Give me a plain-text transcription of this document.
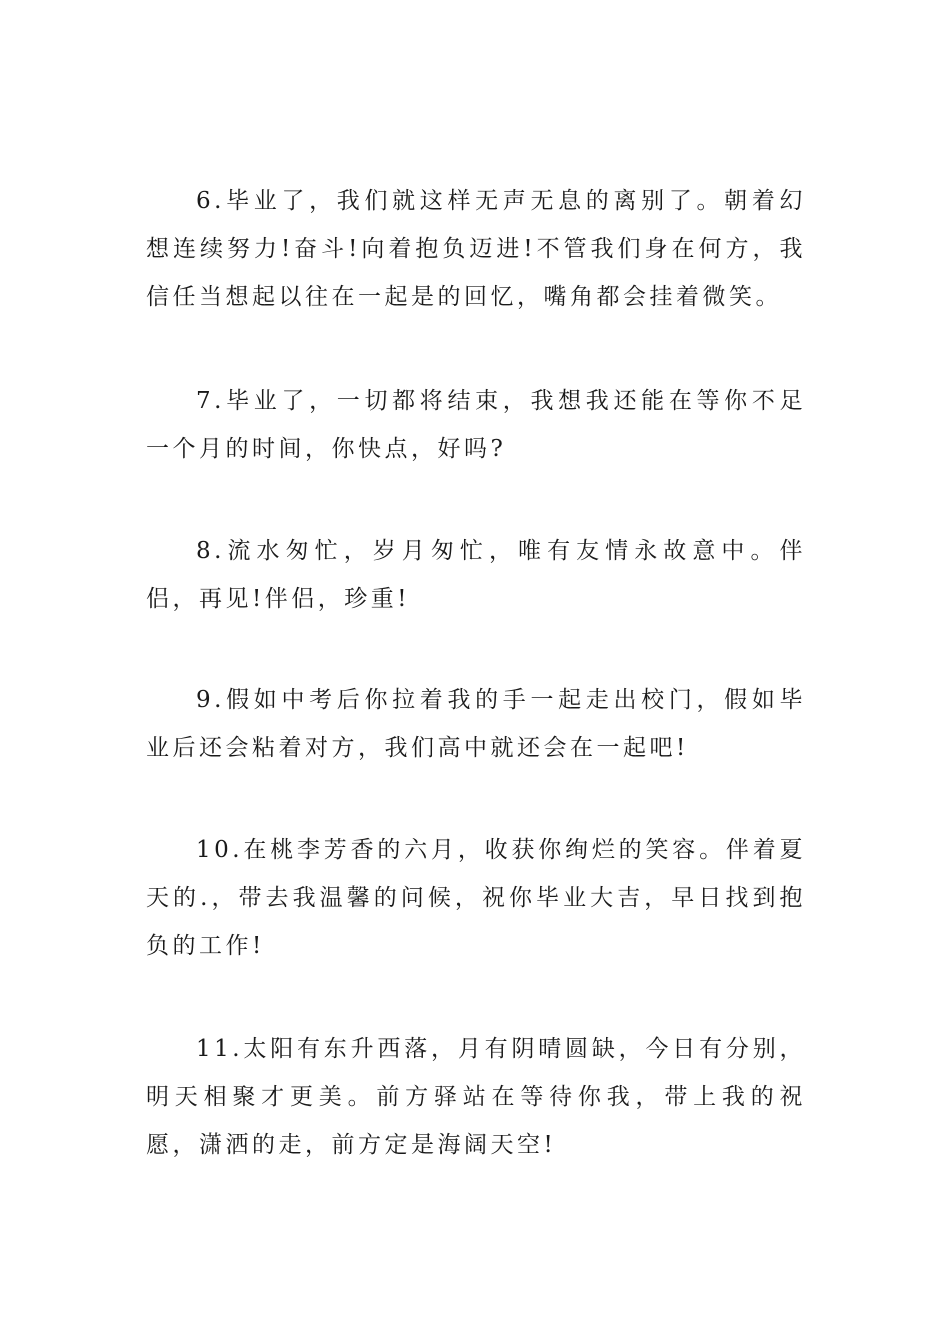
6.毕业了，我们就这样无声无息的离别了。朝着幻想连续努力!奋斗!向着抱负迈进!不管我们身在何方，我信任当想起以往在一起是的回忆，嘴角都会挂着微笑。

7.毕业了，一切都将结束，我想我还能在等你不足一个月的时间，你快点，好吗?

8.流水匆忙，岁月匆忙，唯有友情永故意中。伴侣，再见!伴侣，珍重!

9.假如中考后你拉着我的手一起走出校门，假如毕业后还会粘着对方，我们高中就还会在一起吧!

10.在桃李芳香的六月，收获你绚烂的笑容。伴着夏天的.，带去我温馨的问候，祝你毕业大吉，早日找到抱负的工作!

11.太阳有东升西落，月有阴晴圆缺，今日有分别，明天相聚才更美。前方驿站在等待你我，带上我的祝愿，潇洒的走，前方定是海阔天空!
